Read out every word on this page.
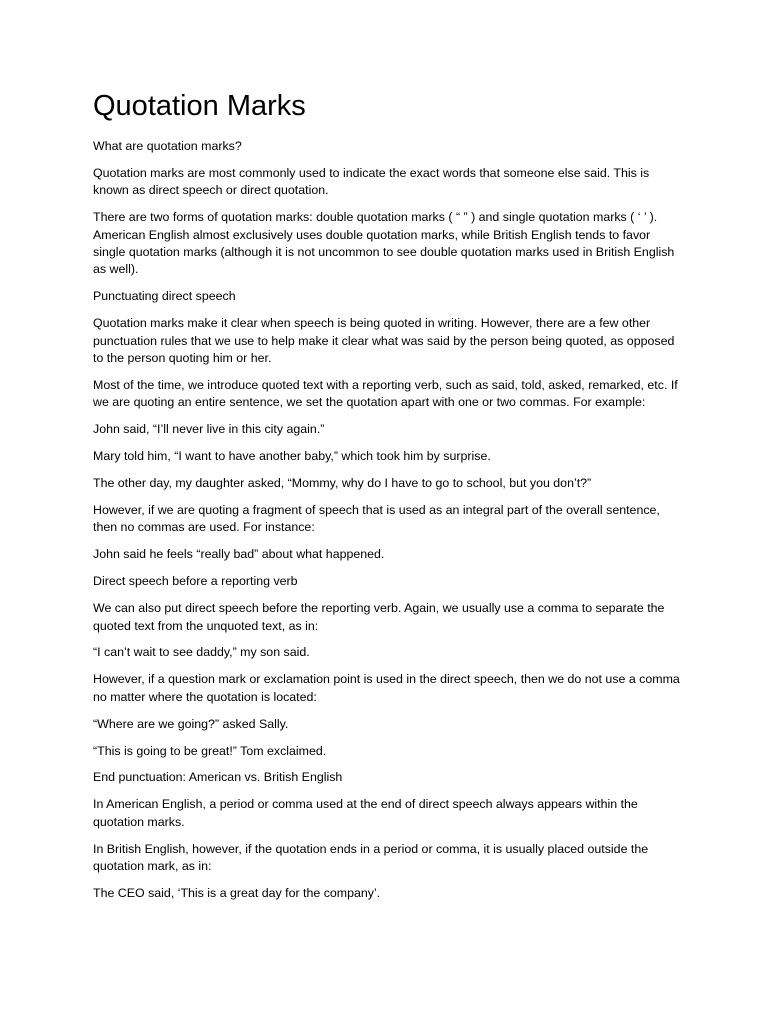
Quotation Marks

What are quotation marks?

Quotation marks are most commonly used to indicate the exact words that someone else said. This is known as direct speech or direct quotation.

There are two forms of quotation marks: double quotation marks ( “ ” ) and single quotation marks ( ‘ ’ ). American English almost exclusively uses double quotation marks, while British English tends to favor single quotation marks (although it is not uncommon to see double quotation marks used in British English as well).

Punctuating direct speech

Quotation marks make it clear when speech is being quoted in writing. However, there are a few other punctuation rules that we use to help make it clear what was said by the person being quoted, as opposed to the person quoting him or her.

Most of the time, we introduce quoted text with a reporting verb, such as said, told, asked, remarked, etc. If we are quoting an entire sentence, we set the quotation apart with one or two commas. For example:

John said, “I’ll never live in this city again.”

Mary told him, “I want to have another baby,” which took him by surprise.

The other day, my daughter asked, “Mommy, why do I have to go to school, but you don’t?”

However, if we are quoting a fragment of speech that is used as an integral part of the overall sentence, then no commas are used. For instance:

John said he feels “really bad” about what happened.

Direct speech before a reporting verb

We can also put direct speech before the reporting verb. Again, we usually use a comma to separate the quoted text from the unquoted text, as in:

“I can’t wait to see daddy,” my son said.

However, if a question mark or exclamation point is used in the direct speech, then we do not use a comma no matter where the quotation is located:

“Where are we going?” asked Sally.

“This is going to be great!” Tom exclaimed.

End punctuation: American vs. British English

In American English, a period or comma used at the end of direct speech always appears within the quotation marks.

In British English, however, if the quotation ends in a period or comma, it is usually placed outside the quotation mark, as in:

The CEO said, ‘This is a great day for the company’.
